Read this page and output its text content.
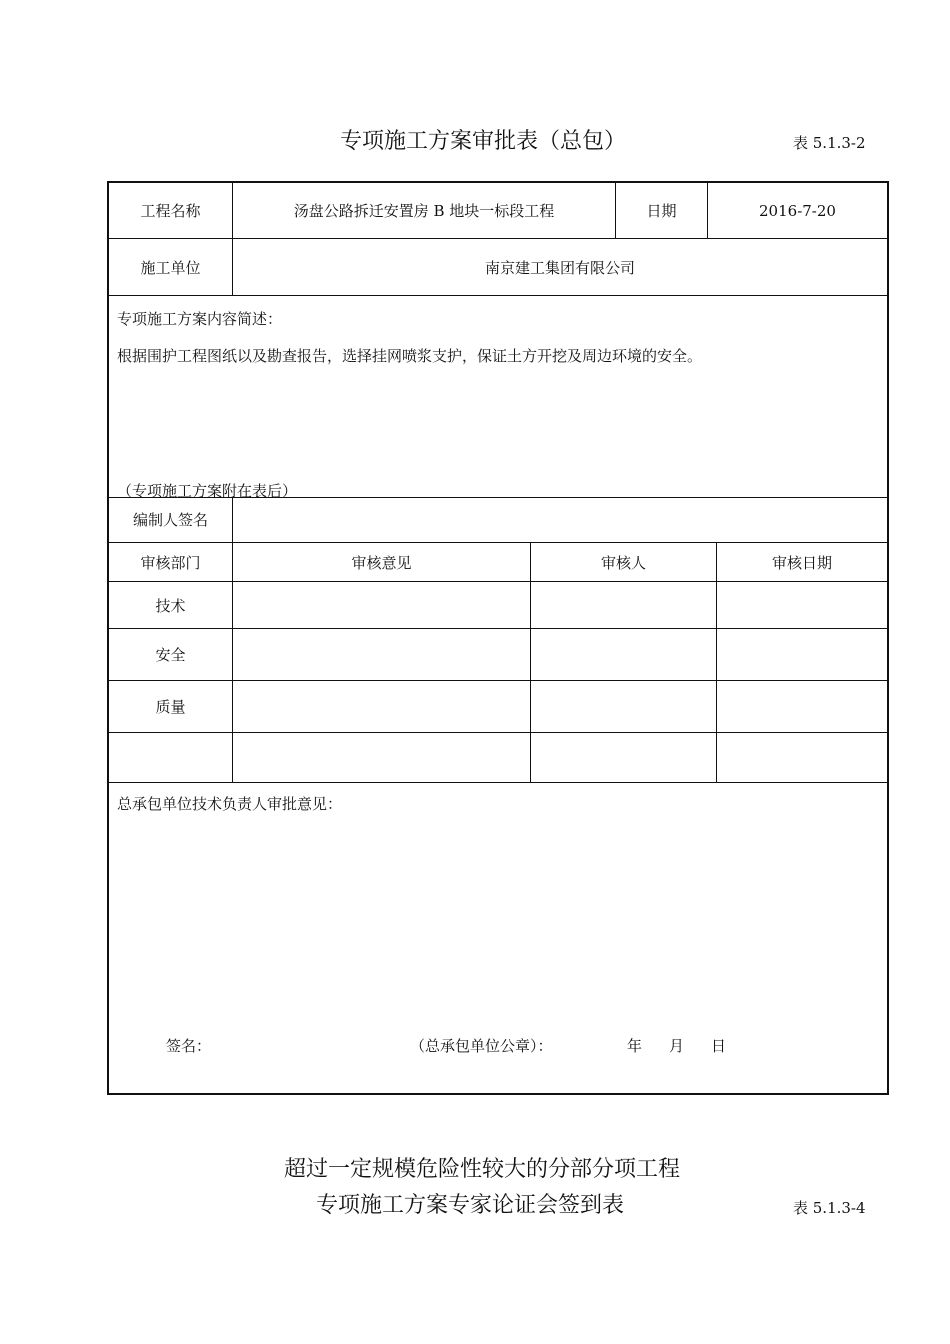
专项施工方案审批表（总包）	表 5.1.3-2
工程名称	汤盘公路拆迁安置房 B 地块一标段工程	日期	2016-7-20
施工单位	南京建工集团有限公司
专项施工方案内容简述：
根据围护工程图纸以及勘查报告，选择挂网喷浆支护，保证土方开挖及周边环境的安全。
（专项施工方案附在表后）
编制人签名
审核部门	审核意见	审核人	审核日期
技术
安全
质量
总承包单位技术负责人审批意见：
签名：	（总承包单位公章）：	年 月 日
超过一定规模危险性较大的分部分项工程
专项施工方案专家论证会签到表	表 5.1.3-4
